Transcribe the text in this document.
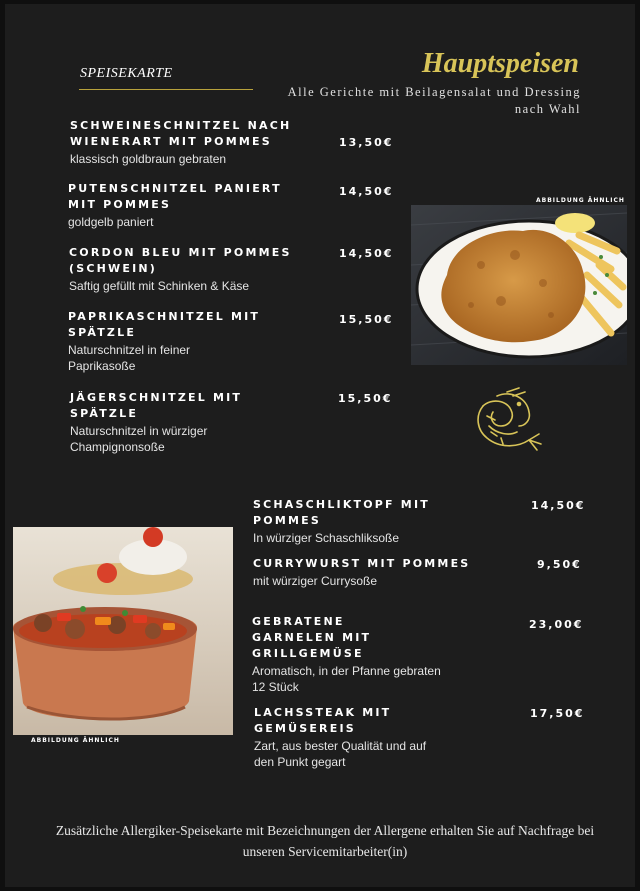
SPEISEKARTE	Hauptspeisen
Alle Gerichte mit Beilagensalat und Dressing nach Wahl
SCHWEINESCHNITZEL NACH WIENERART MIT POMMES
klassisch goldbraun gebraten
13,50€
PUTENSCHNITZEL PANIERT MIT POMMES
goldgelb paniert
14,50€
CORDON BLEU MIT POMMES (SCHWEIN)
Saftig gefüllt mit Schinken & Käse
14,50€
PAPRIKASCHNITZEL MIT SPÄTZLE
Naturschnitzel in feiner Paprikasoße
15,50€
JÄGERSCHNITZEL MIT SPÄTZLE
Naturschnitzel in würziger Champignonsoße
15,50€
ABBILDUNG ÄHNLICH
ABBILDUNG ÄHNLICH
SCHASCHLIKTOPF MIT POMMES
In würziger Schaschliksoße
14,50€
CURRYWURST MIT POMMES
mit würziger Currysoße
9,50€
GEBRATENE GARNELEN MIT GRILLGEMÜSE
Aromatisch, in der Pfanne gebraten 12 Stück
23,00€
LACHSSTEAK MIT GEMÜSEREIS
Zart, aus bester Qualität und auf den Punkt gegart
17,50€
Zusätzliche Allergiker-Speisekarte mit Bezeichnungen der Allergene erhalten Sie auf Nachfrage bei unseren Servicemitarbeiter(in)
